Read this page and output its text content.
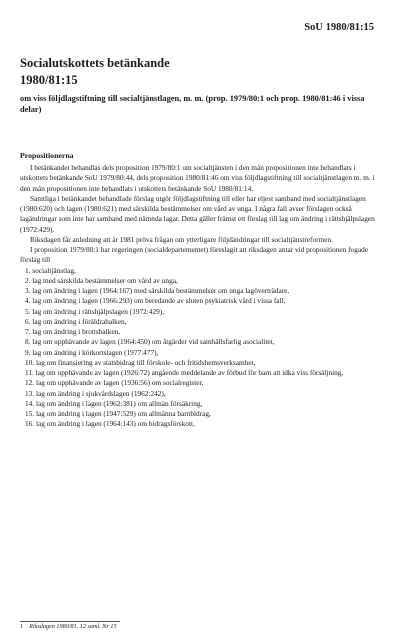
SoU 1980/81:15
Socialutskottets betänkande
1980/81:15

om viss följdlagstiftning till socialtjänstlagen, m. m. (prop. 1979/80:1 och prop. 1980/81:46 i vissa delar)

Propositionerna

I betänkandet behandlas dels proposition 1979/80:1 om socialtjänsten i den mån propositionen inte behandlats i utskottets betänkande SoU 1979/80:44, dels proposition 1980/81:46 om viss följdlagstiftning till socialtjänstlagen m. m. i den mån propositionen inte behandlats i utskottets betänkande SoU 1980/81:14.

Samtliga i betänkandet behandlade förslag utgör följdlagstiftning till eller har eljest samband med socialtjänstlagen (1980:620) och lagen (1980:621) med särskilda bestämmelser om vård av unga. I några fall avser förslagen också lagändringar som inte har samband med nämnda lagar. Detta gäller främst ett förslag till lag om ändring i rättshjälpslagen (1972:429).

Riksdagen får anledning att år 1981 pröva frågan om ytterligare följdändringar till socialtjänstreformen.

I proposition 1979/80:1 har regeringen (socialdepartementet) föreslagit att riksdagen antar vid propositionen fogade förslag till

1. socialtjänstlag,
2. lag med särskilda bestämmelser om vård av unga,
3. lag om ändring i lagen (1964:167) med särskilda bestämmelser om unga lagöverträdare,
4. lag om ändring i lagen (1966:293) om beredande av sluten psykiatrisk vård i vissa fall,
5. lag om ändring i rättshjälpslagen (1972:429),
6. lag om ändring i föräldrabalken,
7. lag om ändring i brottsbalken,
8. lag om upphävande av lagen (1964:450) om åtgärder vid samhällsfarlig asocialitet,
9. lag om ändring i körkortslagen (1977:477),
10. lag om finansiering av statsbidrag till förskole- och fritidshemsverksamhet,
11. lag om upphävande av lagen (1926:72) angående meddelande av förbud för barn att idka viss försäljning,
12. lag om upphävande av lagen (1936:56) om socialregister,
13. lag om ändring i sjukvårdslagen (1962:242),
14. lag om ändring i lagen (1962:381) om allmän försäkring,
15. lag om ändring i lagen (1947:529) om allmänna barnbidrag,
16. lag om ändring i lagen (1964:143) om bidragsförskott,
1 Riksdagen 1980/81. 12 saml. Nr 15
